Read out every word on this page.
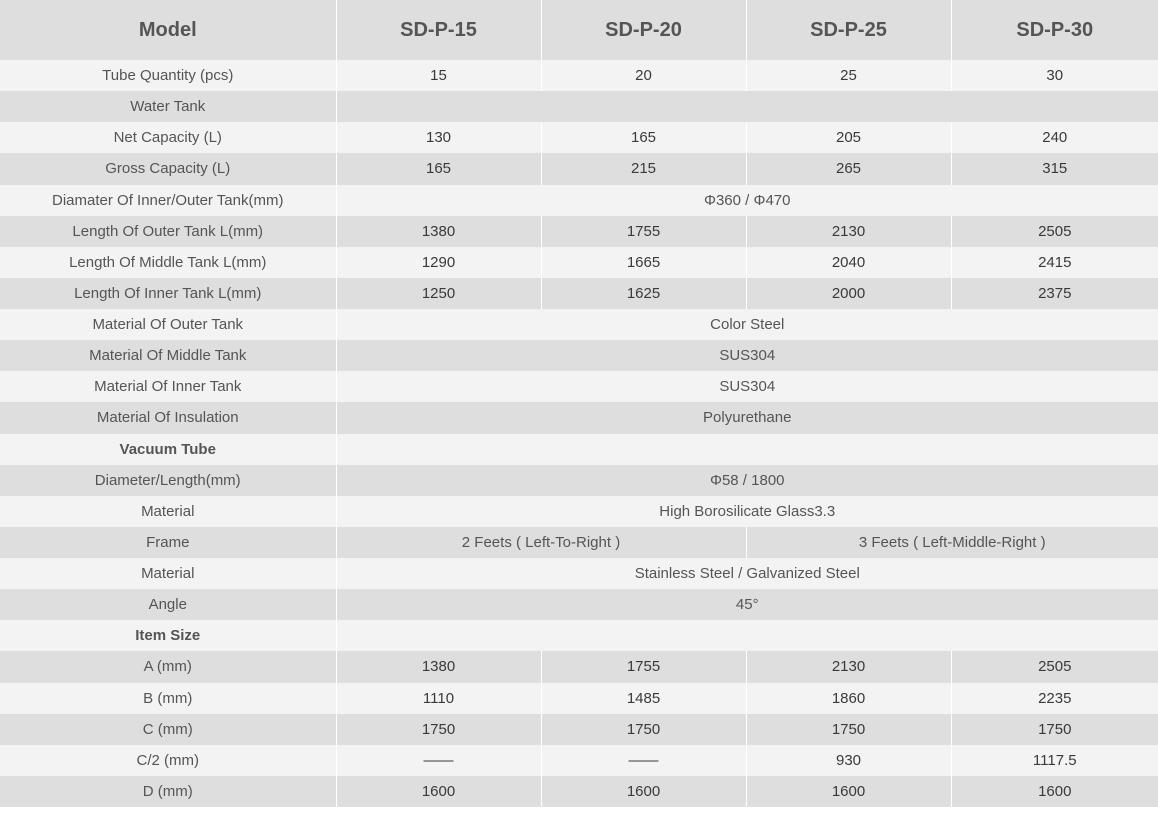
Model	SD-P-15	SD-P-20	SD-P-25	SD-P-30
Tube Quantity (pcs)	15	20	25	30
Water Tank				
Net Capacity (L)	130	165	205	240
Gross Capacity (L)	165	215	265	315
Diamater Of Inner/Outer Tank(mm)	Φ360 / Φ470			
Length Of Outer Tank L(mm)	1380	1755	2130	2505
Length Of Middle Tank L(mm)	1290	1665	2040	2415
Length Of Inner Tank L(mm)	1250	1625	2000	2375
Material Of Outer Tank	Color Steel			
Material Of Middle Tank	SUS304			
Material Of Inner Tank	SUS304			
Material Of Insulation	Polyurethane			
Vacuum Tube				
Diameter/Length(mm)	Φ58 / 1800			
Material	High Borosilicate Glass3.3			
Frame	2 Feets ( Left-To-Right )		3 Feets ( Left-Middle-Right )	
Material	Stainless Steel / Galvanized Steel			
Angle	45°			
Item Size				
A (mm)	1380	1755	2130	2505
B (mm)	1110	1485	1860	2235
C (mm)	1750	1750	1750	1750
C/2 (mm)	——	——	930	1117.5
D (mm)	1600	1600	1600	1600
